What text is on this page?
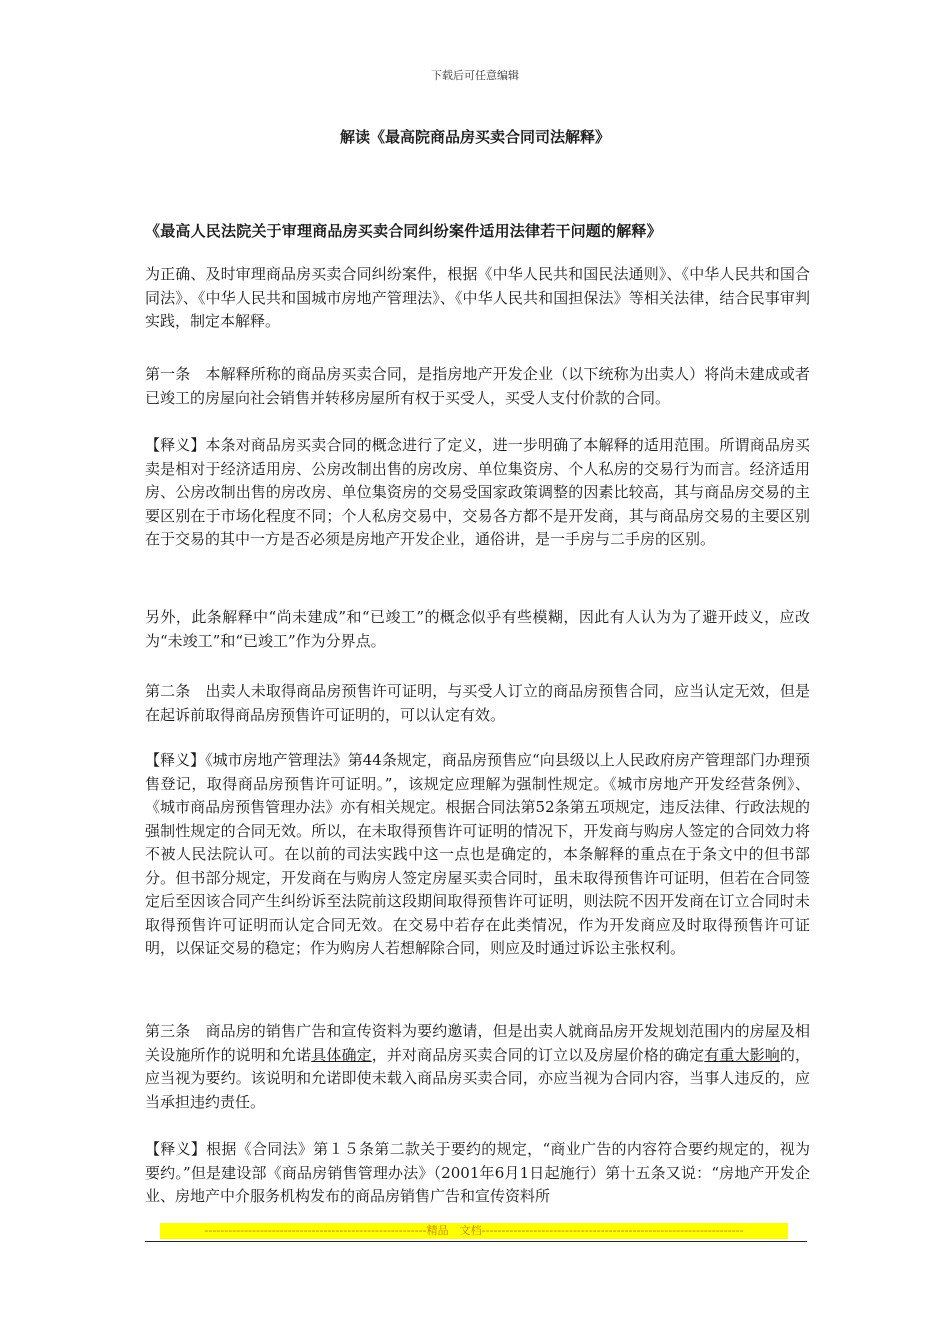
下载后可任意编辑
解读《最高院商品房买卖合同司法解释》
《最高人民法院关于审理商品房买卖合同纠纷案件适用法律若干问题的解释》

为正确、及时审理商品房买卖合同纠纷案件，根据《中华人民共和国民法通则》、《中华人民共和国合同法》、《中华人民共和国城市房地产管理法》、《中华人民共和国担保法》等相关法律，结合民事审判实践，制定本解释。

第一条　本解释所称的商品房买卖合同，是指房地产开发企业（以下统称为出卖人）将尚未建成或者已竣工的房屋向社会销售并转移房屋所有权于买受人，买受人支付价款的合同。

【释义】本条对商品房买卖合同的概念进行了定义，进一步明确了本解释的适用范围。所谓商品房买卖是相对于经济适用房、公房改制出售的房改房、单位集资房、个人私房的交易行为而言。经济适用房、公房改制出售的房改房、单位集资房的交易受国家政策调整的因素比较高，其与商品房交易的主要区别在于市场化程度不同；个人私房交易中，交易各方都不是开发商，其与商品房交易的主要区别在于交易的其中一方是否必须是房地产开发企业，通俗讲，是一手房与二手房的区别。

另外，此条解释中“尚未建成”和“已竣工”的概念似乎有些模糊，因此有人认为为了避开歧义，应改为“未竣工”和“已竣工”作为分界点。

第二条　出卖人未取得商品房预售许可证明，与买受人订立的商品房预售合同，应当认定无效，但是在起诉前取得商品房预售许可证明的，可以认定有效。

【释义】《城市房地产管理法》第44条规定，商品房预售应“向县级以上人民政府房产管理部门办理预售登记，取得商品房预售许可证明。”，该规定应理解为强制性规定。《城市房地产开发经营条例》、《城市商品房预售管理办法》亦有相关规定。根据合同法第52条第五项规定，违反法律、行政法规的强制性规定的合同无效。所以，在未取得预售许可证明的情况下，开发商与购房人签定的合同效力将不被人民法院认可。在以前的司法实践中这一点也是确定的，本条解释的重点在于条文中的但书部分。但书部分规定，开发商在与购房人签定房屋买卖合同时，虽未取得预售许可证明，但若在合同签定后至因该合同产生纠纷诉至法院前这段期间取得预售许可证明，则法院不因开发商在订立合同时未取得预售许可证明而认定合同无效。在交易中若存在此类情况，作为开发商应及时取得预售许可证明，以保证交易的稳定；作为购房人若想解除合同，则应及时通过诉讼主张权利。

第三条　商品房的销售广告和宣传资料为要约邀请，但是出卖人就商品房开发规划范围内的房屋及相关设施所作的说明和允诺具体确定，并对商品房买卖合同的订立以及房屋价格的确定有重大影响的，应当视为要约。该说明和允诺即使未载入商品房买卖合同，亦应当视为合同内容，当事人违反的，应当承担违约责任。

【释义】根据《合同法》第１５条第二款关于要约的规定，“商业广告的内容符合要约规定的，视为要约。”但是建设部《商品房销售管理办法》（2001年6月1日起施行）第十五条又说：“房地产开发企业、房地产中介服务机构发布的商品房销售广告和宣传资料所

--------------------------------------------------------精品　文档------------------------------------------------------------------
